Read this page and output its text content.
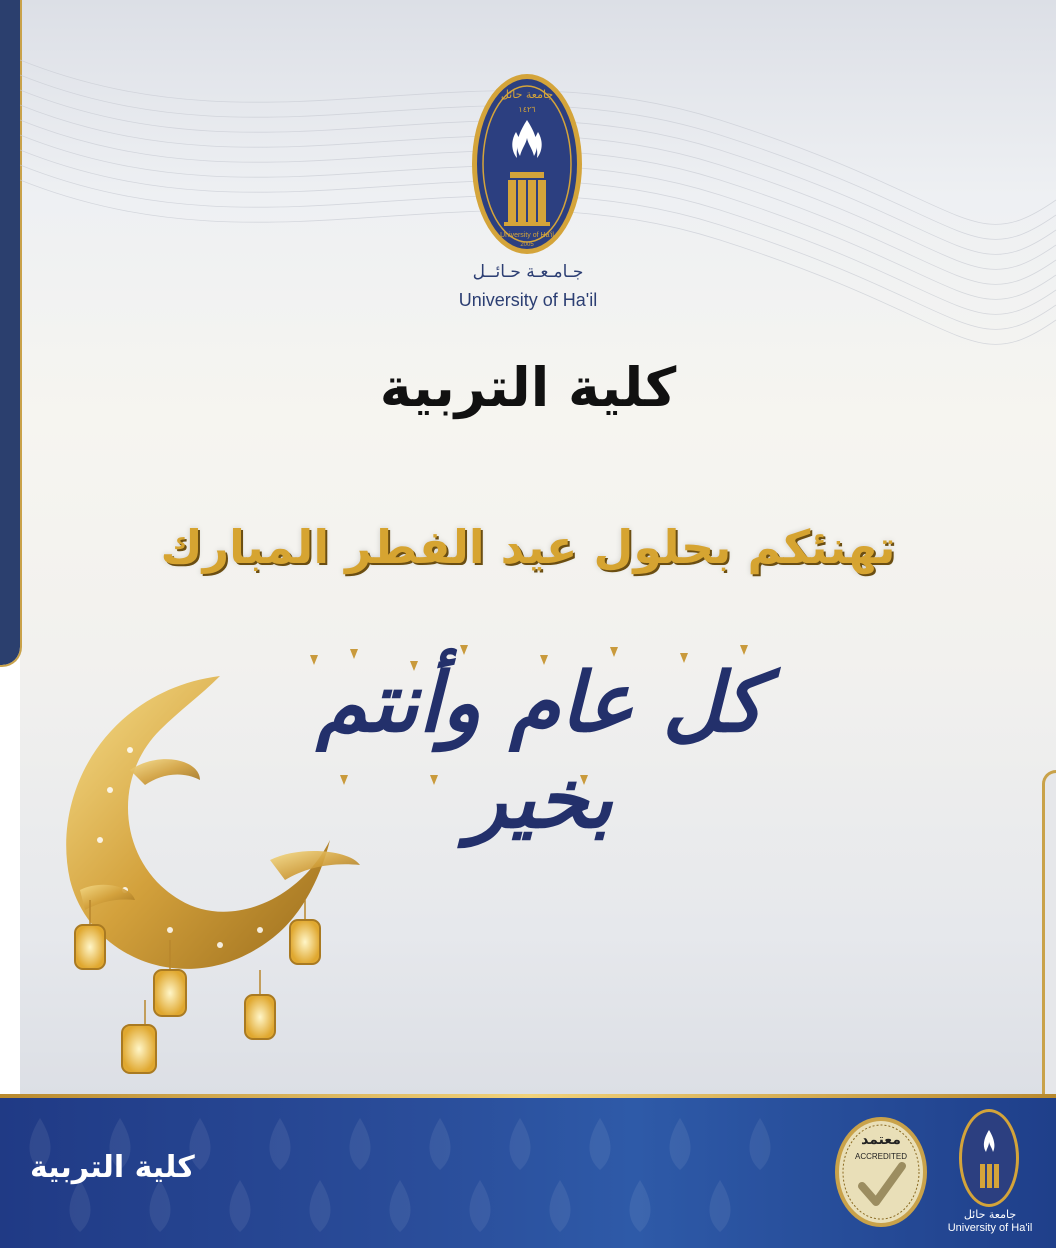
جامعة حائل
١٤٢٦
University of Ha'il
2005
جـامـعـة حـائــل
University of Ha'il
كلية التربية
تهنئكم بحلول عيد الفطر المبارك
كل عام وأنتم بخير
كلية التربية
معتمد
ACCREDITED
جامعة حائل
University of Ha'il
